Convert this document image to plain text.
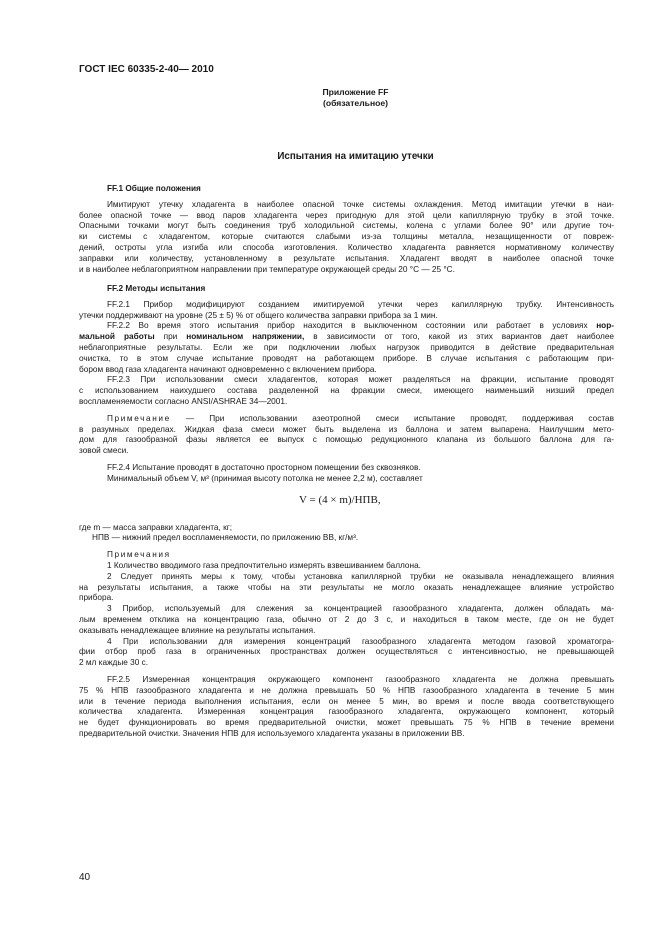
ГОСТ IEC 60335-2-40— 2010
Приложение FF
(обязательное)
Испытания на имитацию утечки
FF.1 Общие положения
Имитируют утечку хладагента в наиболее опасной точке системы охлаждения. Метод имитации утечки в наи-
более опасной точке — ввод паров хладагента через пригодную для этой цели капиллярную трубку в этой точке.
Опасными точками могут быть соединения труб холодильной системы, колена с углами более 90° или другие точ-
ки системы с хладагентом, которые считаются слабыми из-за толщины металла, незащищенности от повреж-
дений, остроты угла изгиба или способа изготовления. Количество хладагента равняется нормативному количеству
заправки или количеству, установленному в результате испытания. Хладагент вводят в наиболее опасной точке
и в наиболее неблагоприятном направлении при температуре окружающей среды 20 °С — 25 °С.
FF.2 Методы испытания
FF.2.1 Прибор модифицируют созданием имитируемой утечки через капиллярную трубку. Интенсивность
утечки поддерживают на уровне (25 ± 5) % от общего количества заправки прибора за 1 мин.
FF.2.2 Во время этого испытания прибор находится в выключенном состоянии или работает в условиях нор-
мальной работы при номинальном напряжении, в зависимости от того, какой из этих вариантов дает наиболее
неблагоприятные результаты. Если же при подключении любых нагрузок приводится в действие предварительная
очистка, то в этом случае испытание проводят на работающем приборе. В случае испытания с работающим при-
бором ввод газа хладагента начинают одновременно с включением прибора.
FF.2.3 При использовании смеси хладагентов, которая может разделяться на фракции, испытание проводят
с использованием наихудшего состава разделенной на фракции смеси, имеющего наименьший низший предел
воспламеняемости согласно ANSI/ASHRAE 34—2001.
Примечание — При использовании азеотропной смеси испытание проводят, поддерживая состав
в разумных пределах. Жидкая фаза смеси может быть выделена из баллона и затем выпарена. Наилучшим мето-
дом для газообразной фазы является ее выпуск с помощью редукционного клапана из большого баллона для га-
зовой смеси.
FF.2.4 Испытание проводят в достаточно просторном помещении без сквозняков.
Минимальный объем V, м³ (принимая высоту потолка не менее 2,2 м), составляет
V = (4 × m)/НПВ,
где m — масса заправки хладагента, кг;
НПВ — нижний предел воспламеняемости, по приложению ВВ, кг/м³.
Примечания
1 Количество вводимого газа предпочтительно измерять взвешиванием баллона.
2 Следует принять меры к тому, чтобы установка капиллярной трубки не оказывала ненадлежащего влияния
на результаты испытания, а также чтобы на эти результаты не могло оказать ненадлежащее влияние устройство
прибора.
3 Прибор, используемый для слежения за концентрацией газообразного хладагента, должен обладать ма-
лым временем отклика на концентрацию газа, обычно от 2 до 3 с, и находиться в таком месте, где он не будет
оказывать ненадлежащее влияние на результаты испытания.
4 При использовании для измерения концентраций газообразного хладагента методом газовой хроматогра-
фии отбор проб газа в ограниченных пространствах должен осуществляться с интенсивностью, не превышающей
2 мл каждые 30 с.
FF.2.5 Измеренная концентрация окружающего компонент газообразного хладагента не должна превышать
75 % НПВ газообразного хладагента и не должна превышать 50 % НПВ газообразного хладагента в течение 5 мин
или в течение периода выполнения испытания, если он менее 5 мин, во время и после ввода соответствующего
количества хладагента. Измеренная концентрация газообразного хладагента, окружающего компонент, который
не будет функционировать во время предварительной очистки, может превышать 75 % НПВ в течение времени
предварительной очистки. Значения НПВ для используемого хладагента указаны в приложении ВВ.
40
